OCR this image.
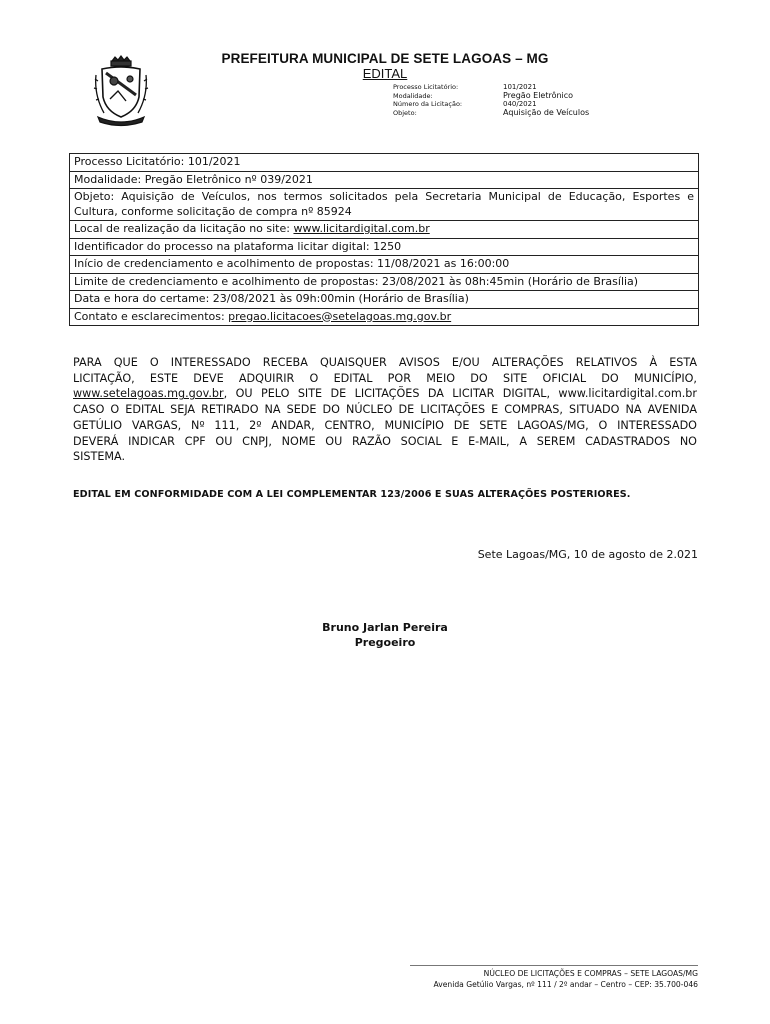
PREFEITURA MUNICIPAL DE SETE LAGOAS – MG
EDITAL
Processo Licitatório:	101/2021
Modalidade:	Pregão Eletrônico
Número da Licitação:	040/2021
Objeto:	Aquisição de Veículos
Processo Licitatório: 101/2021
Modalidade: Pregão Eletrônico nº 039/2021
Objeto: Aquisição de Veículos, nos termos solicitados pela Secretaria Municipal de Educação, Esportes e Cultura, conforme solicitação de compra nº 85924
Local de realização da licitação no site: www.licitardigital.com.br
Identificador do processo na plataforma licitar digital: 1250
Início de credenciamento e acolhimento de propostas: 11/08/2021 as 16:00:00
Limite de credenciamento e acolhimento de propostas: 23/08/2021 às 08h:45min (Horário de Brasília)
Data e hora do certame: 23/08/2021 às 09h:00min (Horário de Brasília)
Contato e esclarecimentos: pregao.licitacoes@setelagoas.mg.gov.br
PARA QUE O INTERESSADO RECEBA QUAISQUER AVISOS E/OU ALTERAÇÕES RELATIVOS À ESTA
LICITAÇÃO, ESTE DEVE ADQUIRIR O EDITAL POR MEIO DO SITE OFICIAL DO MUNICÍPIO,
www.setelagoas.mg.gov.br, OU PELO SITE DE LICITAÇÕES DA LICITAR DIGITAL, www.licitardigital.com.br
CASO O EDITAL SEJA RETIRADO NA SEDE DO NÚCLEO DE LICITAÇÕES E COMPRAS, SITUADO NA AVENIDA
GETÚLIO VARGAS, Nº 111, 2º ANDAR, CENTRO, MUNICÍPIO DE SETE LAGOAS/MG, O INTERESSADO
DEVERÁ INDICAR CPF OU CNPJ, NOME OU RAZÃO SOCIAL E E-MAIL, A SEREM CADASTRADOS NO
SISTEMA.
EDITAL EM CONFORMIDADE COM A LEI COMPLEMENTAR 123/2006 E SUAS ALTERAÇÕES POSTERIORES.
Sete Lagoas/MG, 10 de agosto de 2.021
Bruno Jarlan Pereira
Pregoeiro
NÚCLEO DE LICITAÇÕES E COMPRAS – SETE LAGOAS/MG
Avenida Getúlio Vargas, nº 111 / 2º andar – Centro – CEP: 35.700-046
